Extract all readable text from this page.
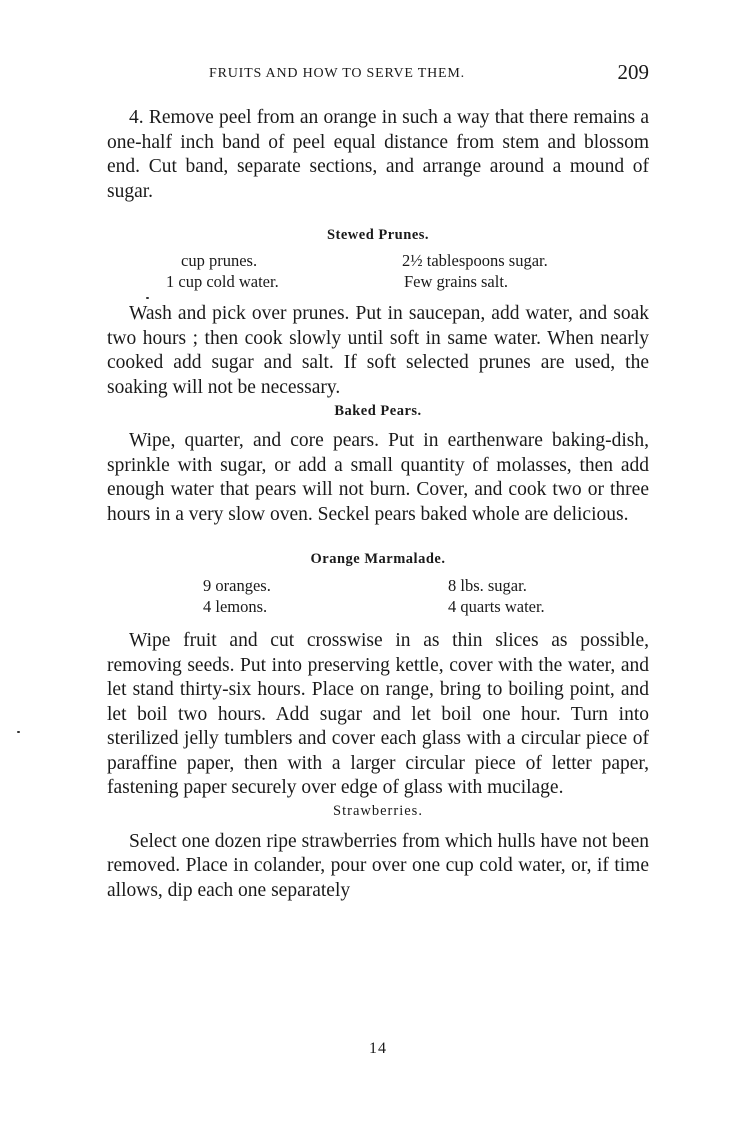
FRUITS AND HOW TO SERVE THEM.	209

4. Remove peel from an orange in such a way that there remains a one-half inch band of peel equal distance from stem and blossom end. Cut band, separate sections, and arrange around a mound of sugar.

Stewed Prunes.
cup prunes.	2½ tablespoons sugar.
1 cup cold water.	Few grains salt.

Wash and pick over prunes. Put in saucepan, add water, and soak two hours ; then cook slowly until soft in same water. When nearly cooked add sugar and salt. If soft selected prunes are used, the soaking will not be necessary.

Baked Pears.

Wipe, quarter, and core pears. Put in earthenware baking-dish, sprinkle with sugar, or add a small quantity of molasses, then add enough water that pears will not burn. Cover, and cook two or three hours in a very slow oven. Seckel pears baked whole are delicious.

Orange Marmalade.
9 oranges.	8 lbs. sugar.
4 lemons.	4 quarts water.

Wipe fruit and cut crosswise in as thin slices as possible, removing seeds. Put into preserving kettle, cover with the water, and let stand thirty-six hours. Place on range, bring to boiling point, and let boil two hours. Add sugar and let boil one hour. Turn into sterilized jelly tumblers and cover each glass with a circular piece of paraffine paper, then with a larger circular piece of letter paper, fastening paper securely over edge of glass with mucilage.

Strawberries.

Select one dozen ripe strawberries from which hulls have not been removed. Place in colander, pour over one cup cold water, or, if time allows, dip each one separately

14
